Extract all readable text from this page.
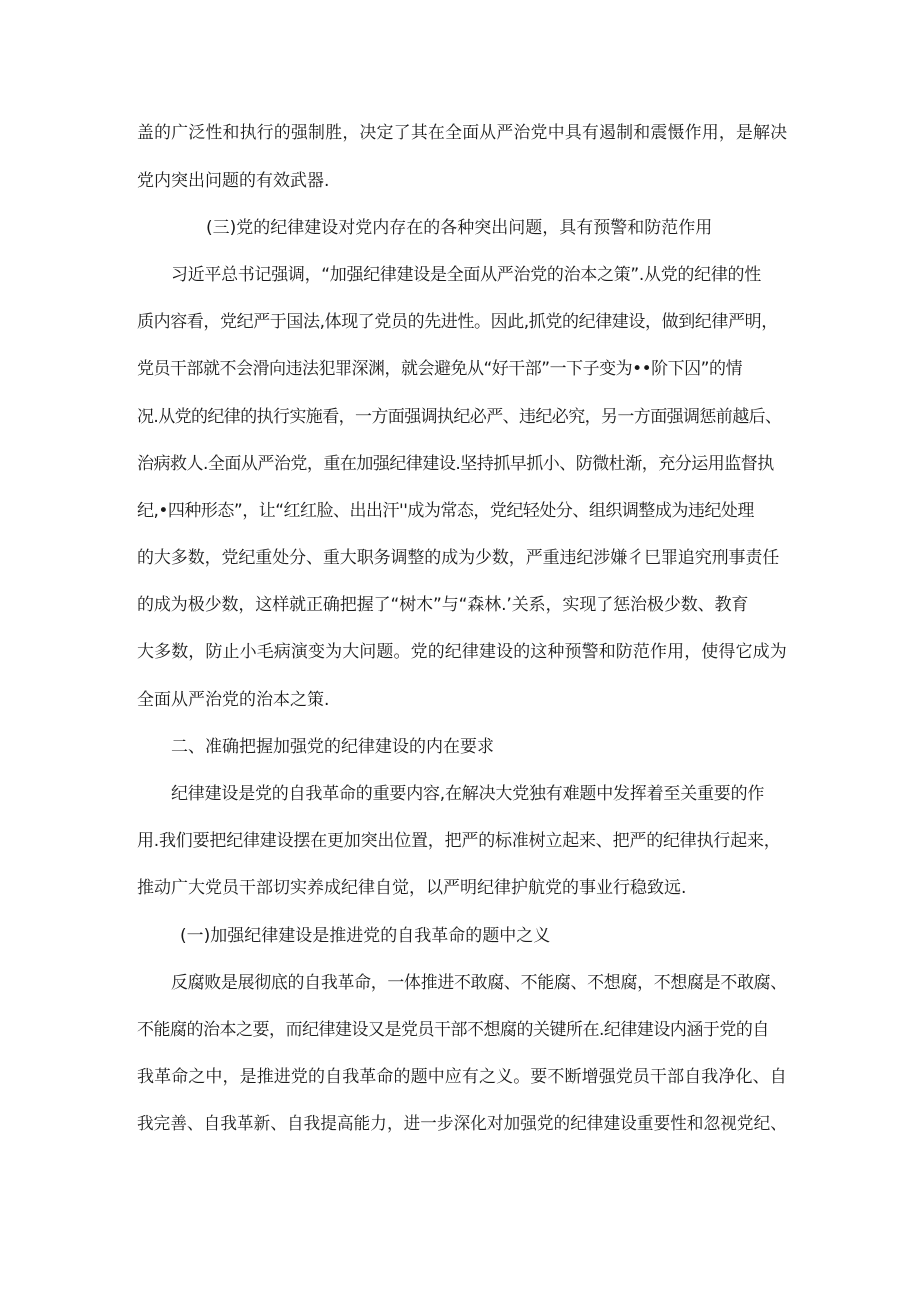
盖的广泛性和执行的强制胜，决定了其在全面从严治党中具有遏制和震慑作用，是解决
党内突出问题的有效武器.
(三)党的纪律建设对党内存在的各种突出问题，具有预警和防范作用
习近平总书记强调，“加强纪律建设是全面从严治党的治本之策”.从党的纪律的性
质内容看，党纪严于国法,体现了党员的先进性。因此,抓党的纪律建设，做到纪律严明，
党员干部就不会滑向违法犯罪深渊，就会避免从“好干部”一下子变为••阶下囚”的情
况.从党的纪律的执行实施看，一方面强调执纪必严、违纪必究，另一方面强调惩前越后、
治病救人.全面从严治党，重在加强纪律建设.坚持抓早抓小、防微杜渐，充分运用监督执
纪,•四种形态”，让“红红脸、出出汗''成为常态，党纪轻处分、组织调整成为违纪处理
的大多数，党纪重处分、重大职务调整的成为少数，严重违纪涉嫌彳巳罪追究刑事责任
的成为极少数，这样就正确把握了“树木”与“森林.’关系，实现了惩治极少数、教育
大多数，防止小毛病演变为大问题。党的纪律建设的这种预警和防范作用，使得它成为
全面从严治党的治本之策.
二、准确把握加强党的纪律建设的内在要求
纪律建设是党的自我革命的重要内容,在解决大党独有难题中发挥着至关重要的作
用.我们要把纪律建设摆在更加突出位置，把严的标准树立起来、把严的纪律执行起来，
推动广大党员干部切实养成纪律自觉，以严明纪律护航党的事业行稳致远.
(一)加强纪律建设是推进党的自我革命的题中之义
反腐败是展彻底的自我革命，一体推进不敢腐、不能腐、不想腐，不想腐是不敢腐、
不能腐的治本之要，而纪律建设又是党员干部不想腐的关键所在.纪律建设内涵于党的自
我革命之中，是推进党的自我革命的题中应有之义。要不断增强党员干部自我净化、自
我完善、自我革新、自我提高能力，进一步深化对加强党的纪律建设重要性和忽视党纪、
